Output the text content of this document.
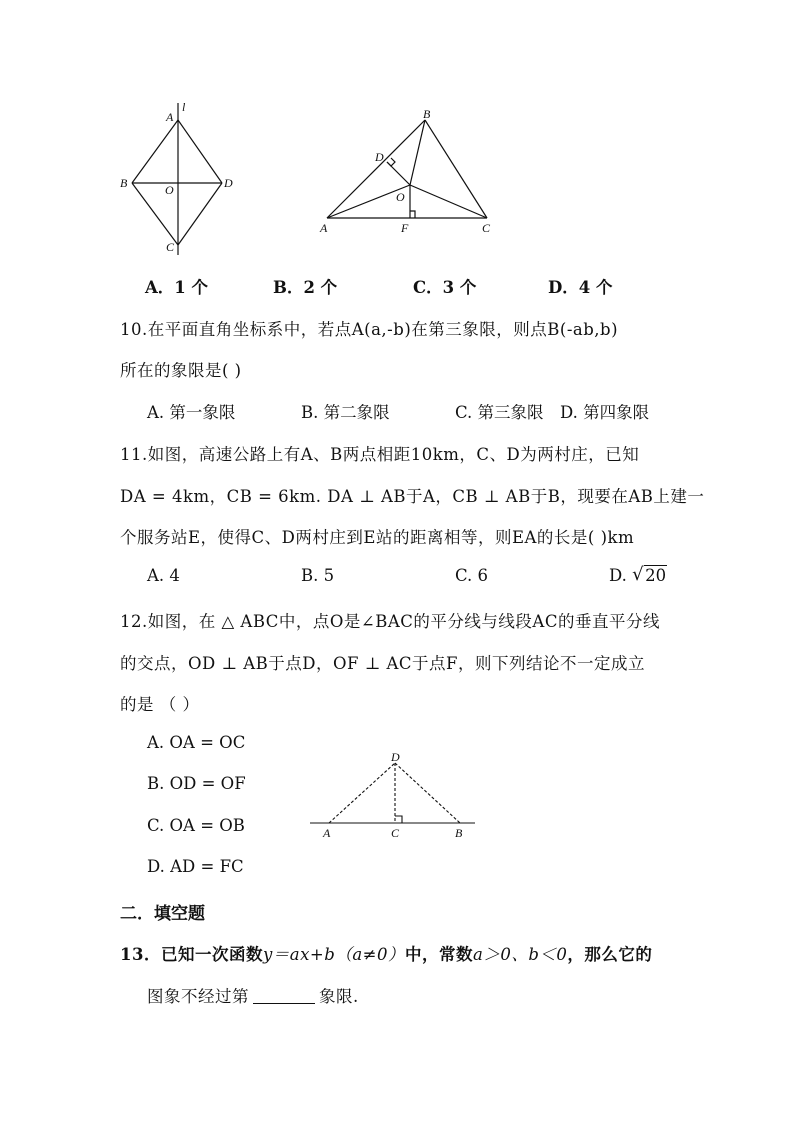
l
A
B	O	D
C
B
D
O
A	F	C
A．1 个	B．2 个	C．3 个	D．4 个
10.在平面直角坐标系中，若点A(a,-b)在第三象限，则点B(-ab,b)
所在的象限是( )
A. 第一象限	B. 第二象限	C. 第三象限 D. 第四象限
11.如图，高速公路上有A、B两点相距10km，C、D为两村庄，已知
DA = 4km，CB = 6km. DA ⊥ AB于A，CB ⊥ AB于B，现要在AB上建一
个服务站E，使得C、D两村庄到E站的距离相等，则EA的长是( )km
A. 4	B. 5	C. 6	D. √ 20
12.如图，在 △ ABC中，点O是∠BAC的平分线与线段AC的垂直平分线
的交点，OD ⊥ AB于点D，OF ⊥ AC于点F，则下列结论不一定成立
的是 （ ）
A. OA = OC
B. OD = OF
C. OA = OB
D. AD = FC
D
A	C	B
二．填空题
13．已知一次函数y＝ax+b（a≠0）中，常数a＞0、b＜0，那么它的
图象不经过第	象限.
